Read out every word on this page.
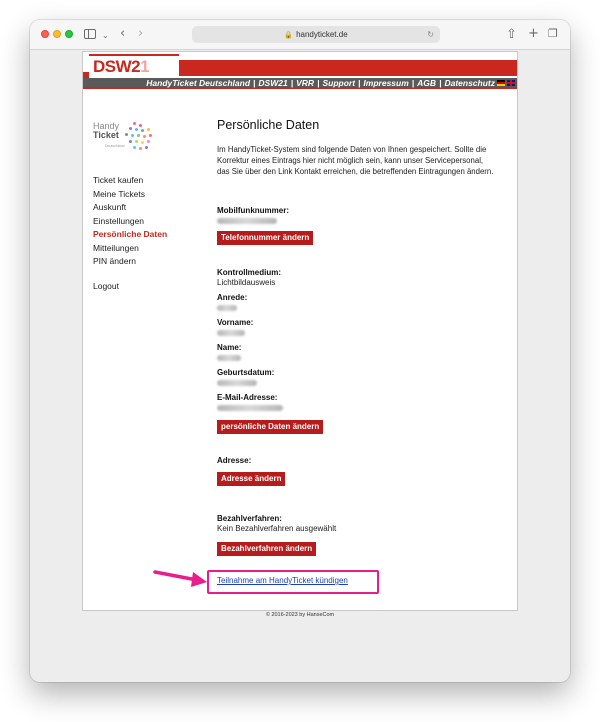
⌄ ‹ ›	🔒 handyticket.de	↻	⇧ + ❐
DSW21
HandyTicket Deutschland | DSW21 | VRR | Support | Impressum | AGB | Datenschutz
Handy
Ticket
Deutschland
Ticket kaufen
Meine Tickets
Auskunft
Einstellungen
Persönliche Daten
Mitteilungen
PIN ändern
Logout
Persönliche Daten

Im HandyTicket-System sind folgende Daten von Ihnen gespeichert. Sollte die Korrektur eines Eintrags hier nicht möglich sein, kann unser Servicepersonal, das Sie über den Link Kontakt erreichen, die betreffenden Eintragungen ändern.

Mobilfunknummer:
Telefonnummer ändern
Kontrollmedium:
Lichtbildausweis
Anrede:
Vorname:
Name:
Geburtsdatum:
E-Mail-Adresse:
persönliche Daten ändern
Adresse:
Adresse ändern
Bezahlverfahren:
Kein Bezahlverfahren ausgewählt
Bezahlverfahren ändern
Teilnahme am HandyTicket kündigen
© 2016-2023 by HanseCom
